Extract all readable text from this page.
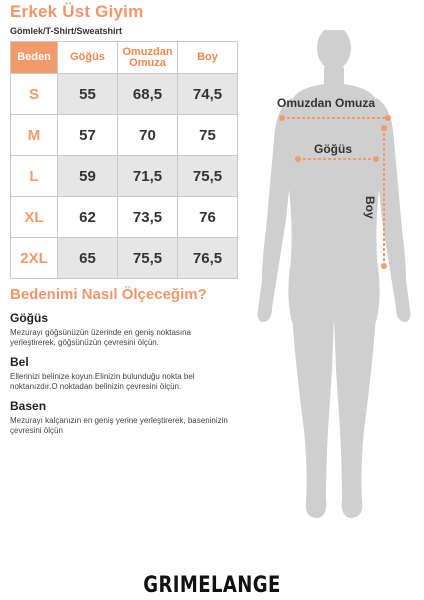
Erkek Üst Giyim
Gömlek/T-Shirt/Sweatshirt
Beden	Göğüs	Omuzdan Omuza	Boy
S	55	68,5	74,5
M	57	70	75
L	59	71,5	75,5
XL	62	73,5	76
2XL	65	75,5	76,5
Bedenimi Nasıl Ölçeceğim?
Göğüs
Mezurayı göğsünüzün üzerinde en geniş noktasına yerleştirerek, göğsünüzün çevresini ölçün.
Bel
Ellerinizi belinize koyun.Elinizin bulunduğu nokta bel noktanızdır.O noktadan belinizin çevresini ölçün.
Basen
Mezurayı kalçanızın en geniş yerine yerleştirerek, baseninizin çevresini ölçün
Omuzdan Omuza
Göğüs
Boy
GRIMELANGE
